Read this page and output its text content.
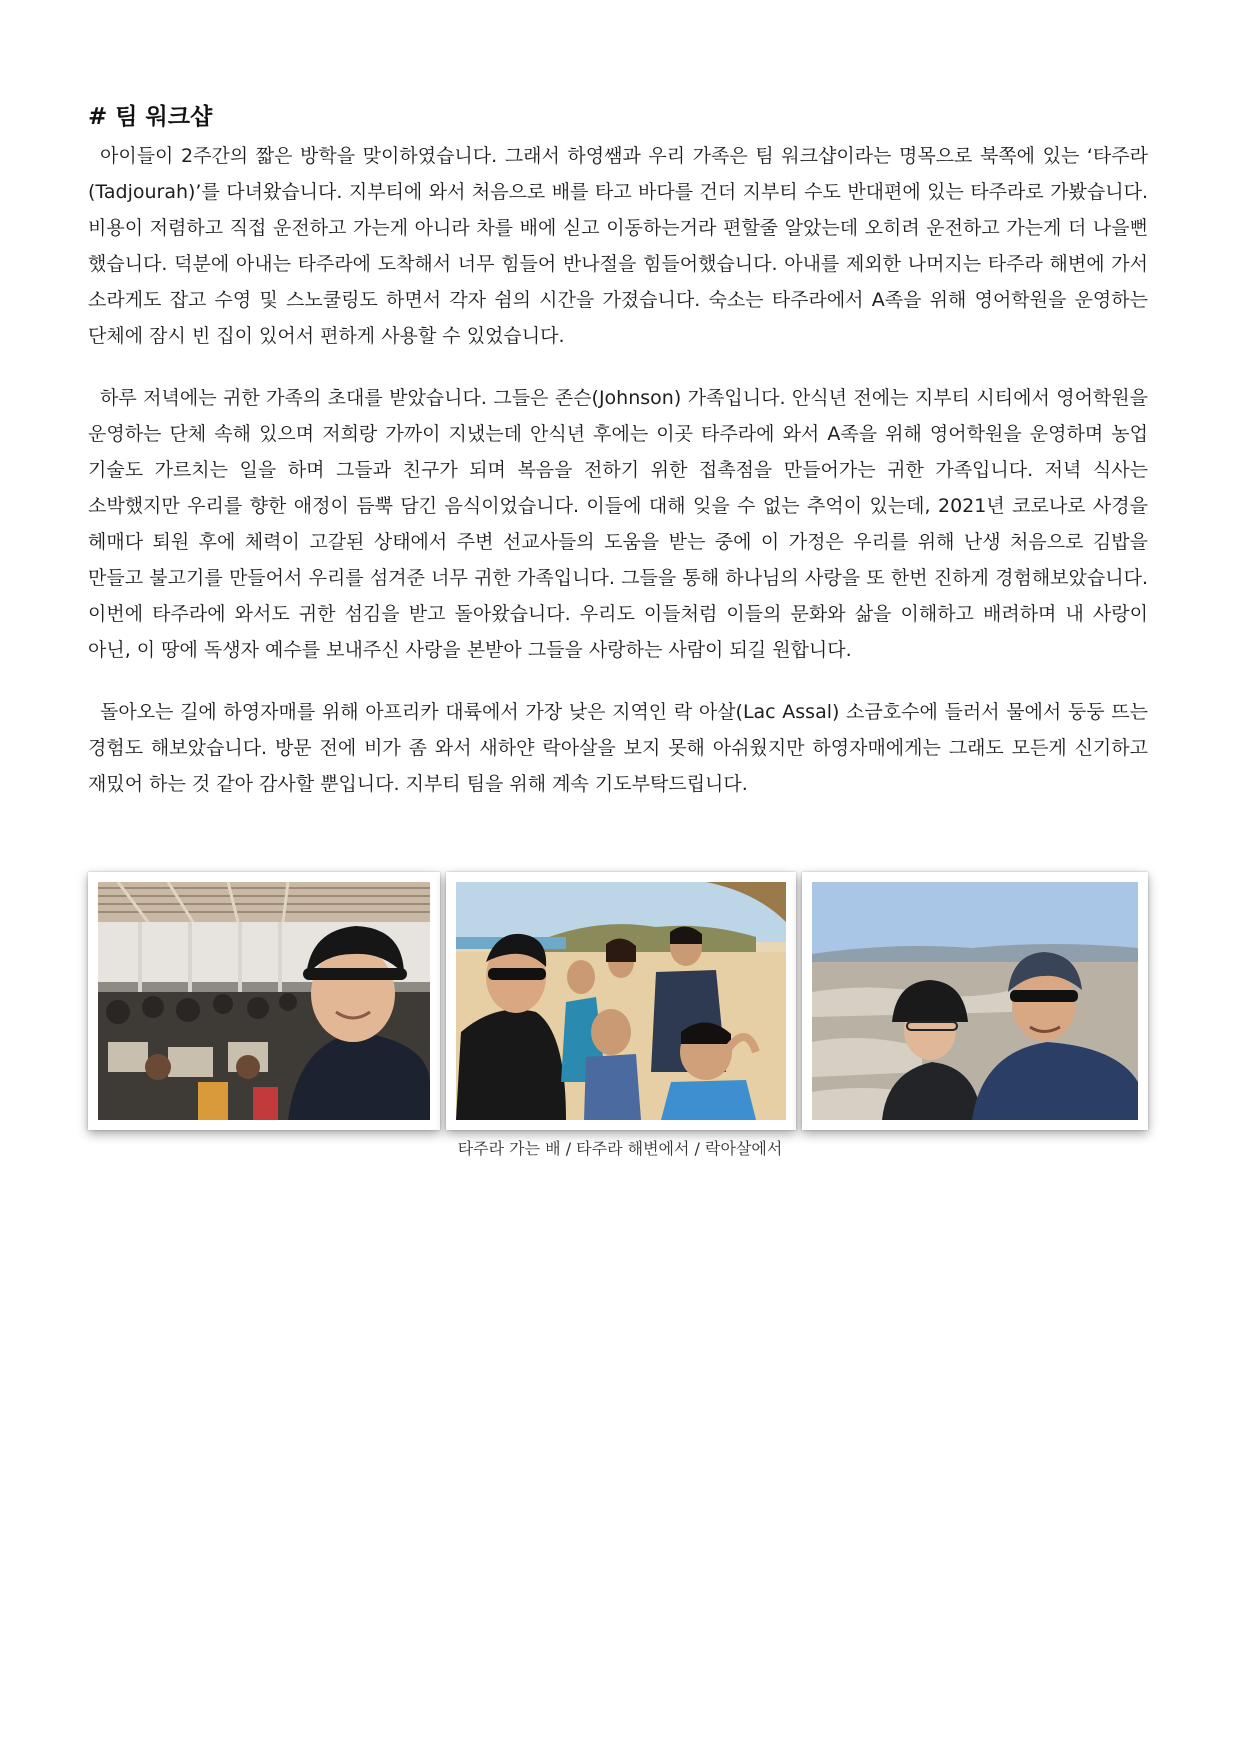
# 팀 워크샵

아이들이 2주간의 짧은 방학을 맞이하였습니다. 그래서 하영쌤과 우리 가족은 팀 워크샵이라는 명목으로 북쪽에 있는 ‘타주라(Tadjourah)’를 다녀왔습니다. 지부티에 와서 처음으로 배를 타고 바다를 건더 지부티 수도 반대편에 있는 타주라로 가봤습니다. 비용이 저렴하고 직접 운전하고 가는게 아니라 차를 배에 싣고 이동하는거라 편할줄 알았는데 오히려 운전하고 가는게 더 나을뻔 했습니다. 덕분에 아내는 타주라에 도착해서 너무 힘들어 반나절을 힘들어했습니다. 아내를 제외한 나머지는 타주라 해변에 가서 소라게도 잡고 수영 및 스노쿨링도 하면서 각자 쉼의 시간을 가졌습니다. 숙소는 타주라에서 A족을 위해 영어학원을 운영하는 단체에 잠시 빈 집이 있어서 편하게 사용할 수 있었습니다.

하루 저녁에는 귀한 가족의 초대를 받았습니다. 그들은 존슨(Johnson) 가족입니다. 안식년 전에는 지부티 시티에서 영어학원을 운영하는 단체 속해 있으며 저희랑 가까이 지냈는데 안식년 후에는 이곳 타주라에 와서 A족을 위해 영어학원을 운영하며 농업 기술도 가르치는 일을 하며 그들과 친구가 되며 복음을 전하기 위한 접촉점을 만들어가는 귀한 가족입니다. 저녁 식사는 소박했지만 우리를 향한 애정이 듬뿍 담긴 음식이었습니다. 이들에 대해 잊을 수 없는 추억이 있는데, 2021년 코로나로 사경을 헤매다 퇴원 후에 체력이 고갈된 상태에서 주변 선교사들의 도움을 받는 중에 이 가정은 우리를 위해 난생 처음으로 김밥을 만들고 불고기를 만들어서 우리를 섬겨준 너무 귀한 가족입니다. 그들을 통해 하나님의 사랑을 또 한번 진하게 경험해보았습니다. 이번에 타주라에 와서도 귀한 섬김을 받고 돌아왔습니다. 우리도 이들처럼 이들의 문화와 삶을 이해하고 배려하며 내 사랑이 아닌, 이 땅에 독생자 예수를 보내주신 사랑을 본받아 그들을 사랑하는 사람이 되길 원합니다.

돌아오는 길에 하영자매를 위해 아프리카 대륙에서 가장 낮은 지역인 락 아살(Lac Assal) 소금호수에 들러서 물에서 둥둥 뜨는 경험도 해보았습니다. 방문 전에 비가 좀 와서 새하얀 락아살을 보지 못해 아쉬웠지만 하영자매에게는 그래도 모든게 신기하고 재밌어 하는 것 같아 감사할 뿐입니다. 지부티 팀을 위해 계속 기도부탁드립니다.

타주라 가는 배 / 타주라 해변에서 / 락아살에서
